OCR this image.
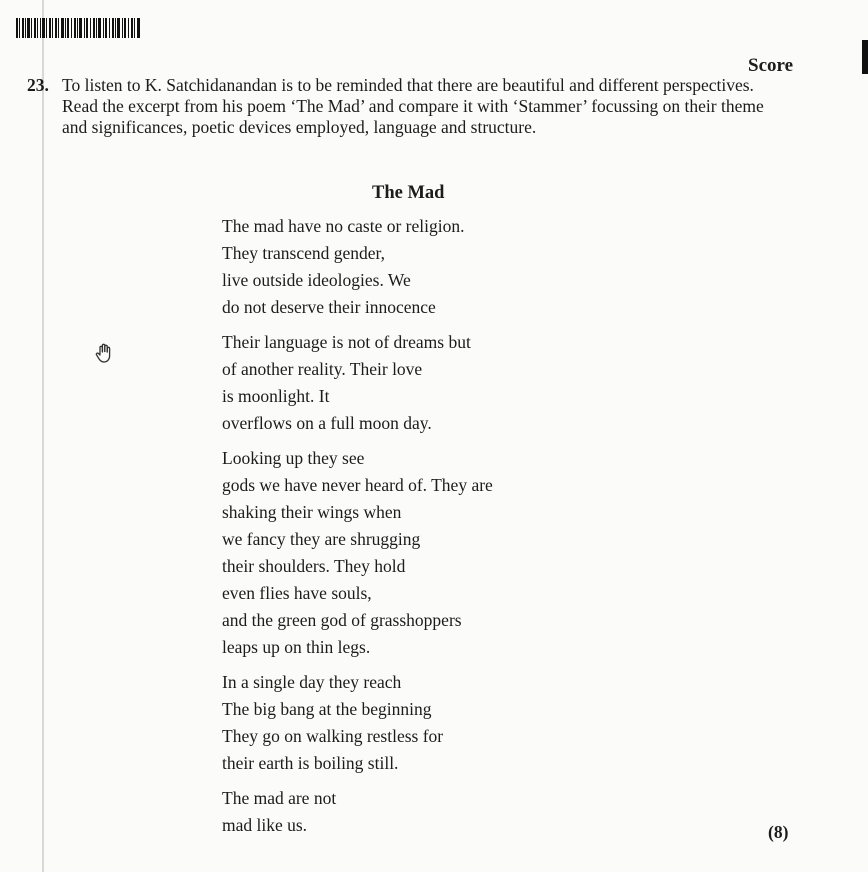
Score
23. To listen to K. Satchidanandan is to be reminded that there are beautiful and different perspectives. Read the excerpt from his poem ‘The Mad’ and compare it with ‘Stammer’ focussing on their theme and significances, poetic devices employed, language and structure.

The Mad
The mad have no caste or religion.
They transcend gender,
live outside ideologies. We
do not deserve their innocence
Their language is not of dreams but
of another reality. Their love
is moonlight. It
overflows on a full moon day.
Looking up they see
gods we have never heard of. They are
shaking their wings when
we fancy they are shrugging
their shoulders. They hold
even flies have souls,
and the green god of grasshoppers
leaps up on thin legs.
In a single day they reach
The big bang at the beginning
They go on walking restless for
their earth is boiling still.
The mad are not
mad like us.	(8)
